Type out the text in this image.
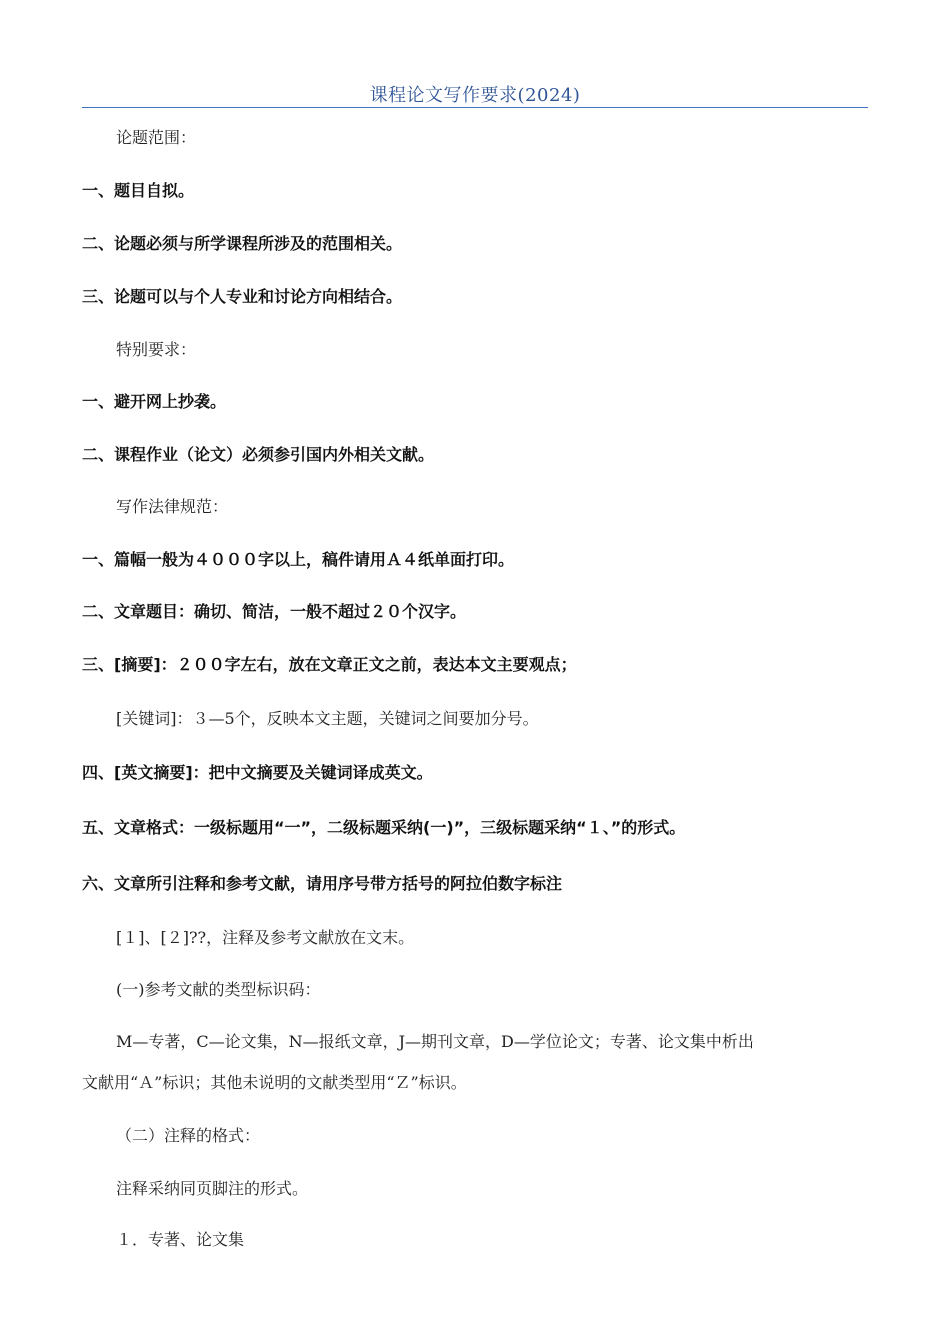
课程论文写作要求(2024)
论题范围：
一、题目自拟。
二、论题必须与所学课程所涉及的范围相关。
三、论题可以与个人专业和讨论方向相结合。
特别要求：
一、避开网上抄袭。
二、课程作业（论文）必须参引国内外相关文献。
写作法律规范：
一、篇幅一般为４０００字以上，稿件请用Ａ４纸单面打印。
二、文章题目：确切、简洁，一般不超过２０个汉字。
三、[摘要]：２００字左右，放在文章正文之前，表达本文主要观点；
[关键词]：３—5个，反映本文主题，关键词之间要加分号。
四、[英文摘要]：把中文摘要及关键词译成英文。
五、文章格式：一级标题用“一”，二级标题采纳(一)”，三级标题采纳“１、”的形式。
六、文章所引注释和参考文献，请用序号带方括号的阿拉伯数字标注
[１]、[２]??，注释及参考文献放在文末。
(一)参考文献的类型标识码：
M—专著，C—论文集，N—报纸文章，J—期刊文章，D—学位论文；专著、论文集中析出
文献用“Ａ”标识；其他未说明的文献类型用“Ｚ”标识。
（二）注释的格式：
注释采纳同页脚注的形式。
１．专著、论文集
